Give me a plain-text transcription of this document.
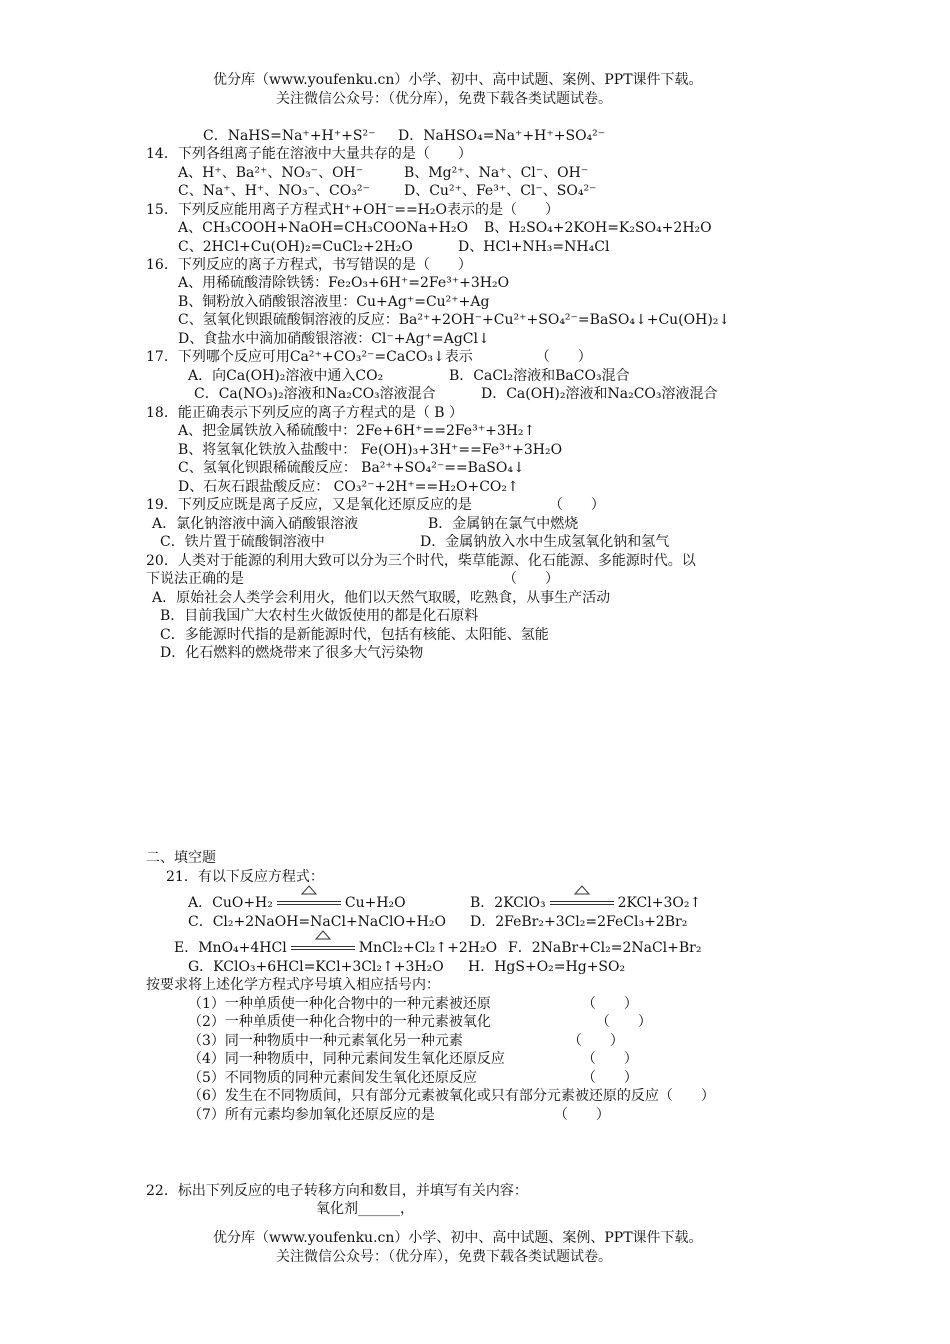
优分库（www.youfenku.cn）小学、初中、高中试题、案例、PPT课件下载。
关注微信公众号：（优分库），免费下载各类试题试卷。
C．NaHS=Na⁺+H⁺+S²⁻ D．NaHSO₄=Na⁺+H⁺+SO₄²⁻
14．下列各组离子能在溶液中大量共存的是（　　）
A、H⁺、Ba²⁺、NO₃⁻、OH⁻	B、Mg²⁺、Na⁺、Cl⁻、OH⁻
C、Na⁺、H⁺、NO₃⁻、CO₃²⁻ D、Cu²⁺、Fe³⁺、Cl⁻、SO₄²⁻
15．下列反应能用离子方程式H⁺+OH⁻==H₂O表示的是（　　）
A、CH₃COOH+NaOH=CH₃COONa+H₂O B、H₂SO₄+2KOH=K₂SO₄+2H₂O
C、2HCl+Cu(OH)₂=CuCl₂+2H₂O	D、HCl+NH₃=NH₄Cl
16．下列反应的离子方程式，书写错误的是（　　）
A、用稀硫酸清除铁锈：Fe₂O₃+6H⁺=2Fe³⁺+3H₂O
B、铜粉放入硝酸银溶液里：Cu+Ag⁺=Cu²⁺+Ag
C、氢氧化钡跟硫酸铜溶液的反应：Ba²⁺+2OH⁻+Cu²⁺+SO₄²⁻=BaSO₄↓+Cu(OH)₂↓
D、食盐水中滴加硝酸银溶液：Cl⁻+Ag⁺=AgCl↓
17．下列哪个反应可用Ca²⁺+CO₃²⁻=CaCO₃↓表示　　　　　（　　）
A．向Ca(OH)₂溶液中通入CO₂	B．CaCl₂溶液和BaCO₃混合
C．Ca(NO₃)₂溶液和Na₂CO₃溶液混合	D．Ca(OH)₂溶液和Na₂CO₃溶液混合
18．能正确表示下列反应的离子方程式的是（ B ）
A、把金属铁放入稀硫酸中：2Fe+6H⁺==2Fe³⁺+3H₂↑
B、将氢氧化铁放入盐酸中： Fe(OH)₃+3H⁺==Fe³⁺+3H₂O
C、氢氧化钡跟稀硫酸反应： Ba²⁺+SO₄²⁻==BaSO₄↓
D、石灰石跟盐酸反应： CO₃²⁻+2H⁺==H₂O+CO₂↑
19．下列反应既是离子反应，又是氧化还原反应的是　　　　　　（　　）
A．氯化钠溶液中滴入硝酸银溶液	B．金属钠在氯气中燃烧
C．铁片置于硫酸铜溶液中	D．金属钠放入水中生成氢氧化钠和氢气
20．人类对于能源的利用大致可以分为三个时代，柴草能源、化石能源、多能源时代。以
下说法正确的是　　　　　　　　　　　　　　　　　　　（　　）
A．原始社会人类学会利用火，他们以天然气取暖，吃熟食，从事生产活动
B．目前我国广大农村生火做饭使用的都是化石原料
C．多能源时代指的是新能源时代，包括有核能、太阳能、氢能
D．化石燃料的燃烧带来了很多大气污染物
二、填空题
21．有以下反应方程式：
A．CuO+H₂	Cu+H₂O	B．2KClO₃	2KCl+3O₂↑
C．Cl₂+2NaOH=NaCl+NaClO+H₂O D．2FeBr₂+3Cl₂=2FeCl₃+2Br₂
E．MnO₄+4HCl	MnCl₂+Cl₂↑+2H₂O F．2NaBr+Cl₂=2NaCl+Br₂
G．KClO₃+6HCl=KCl+3Cl₂↑+3H₂O H．HgS+O₂=Hg+SO₂
按要求将上述化学方程式序号填入相应括号内：
（1）一种单质使一种化合物中的一种元素被还原　　　　　　　（　　）
（2）一种单质使一种化合物中的一种元素被氧化　　　　　　　　（　　）
（3）同一种物质中一种元素氧化另一种元素　　　　　　　　（　　）
（4）同一种物质中，同种元素间发生氧化还原反应　　　　　　（　　）
（5）不同物质的同种元素间发生氧化还原反应　　　　　　　　（　　）
（6）发生在不同物质间，只有部分元素被氧化或只有部分元素被还原的反应（　　）
（7）所有元素均参加氧化还原反应的是　　　　　　　　　（　　）
22．标出下列反应的电子转移方向和数目，并填写有关内容：
氧化剂______，
优分库（www.youfenku.cn）小学、初中、高中试题、案例、PPT课件下载。
关注微信公众号：（优分库），免费下载各类试题试卷。
